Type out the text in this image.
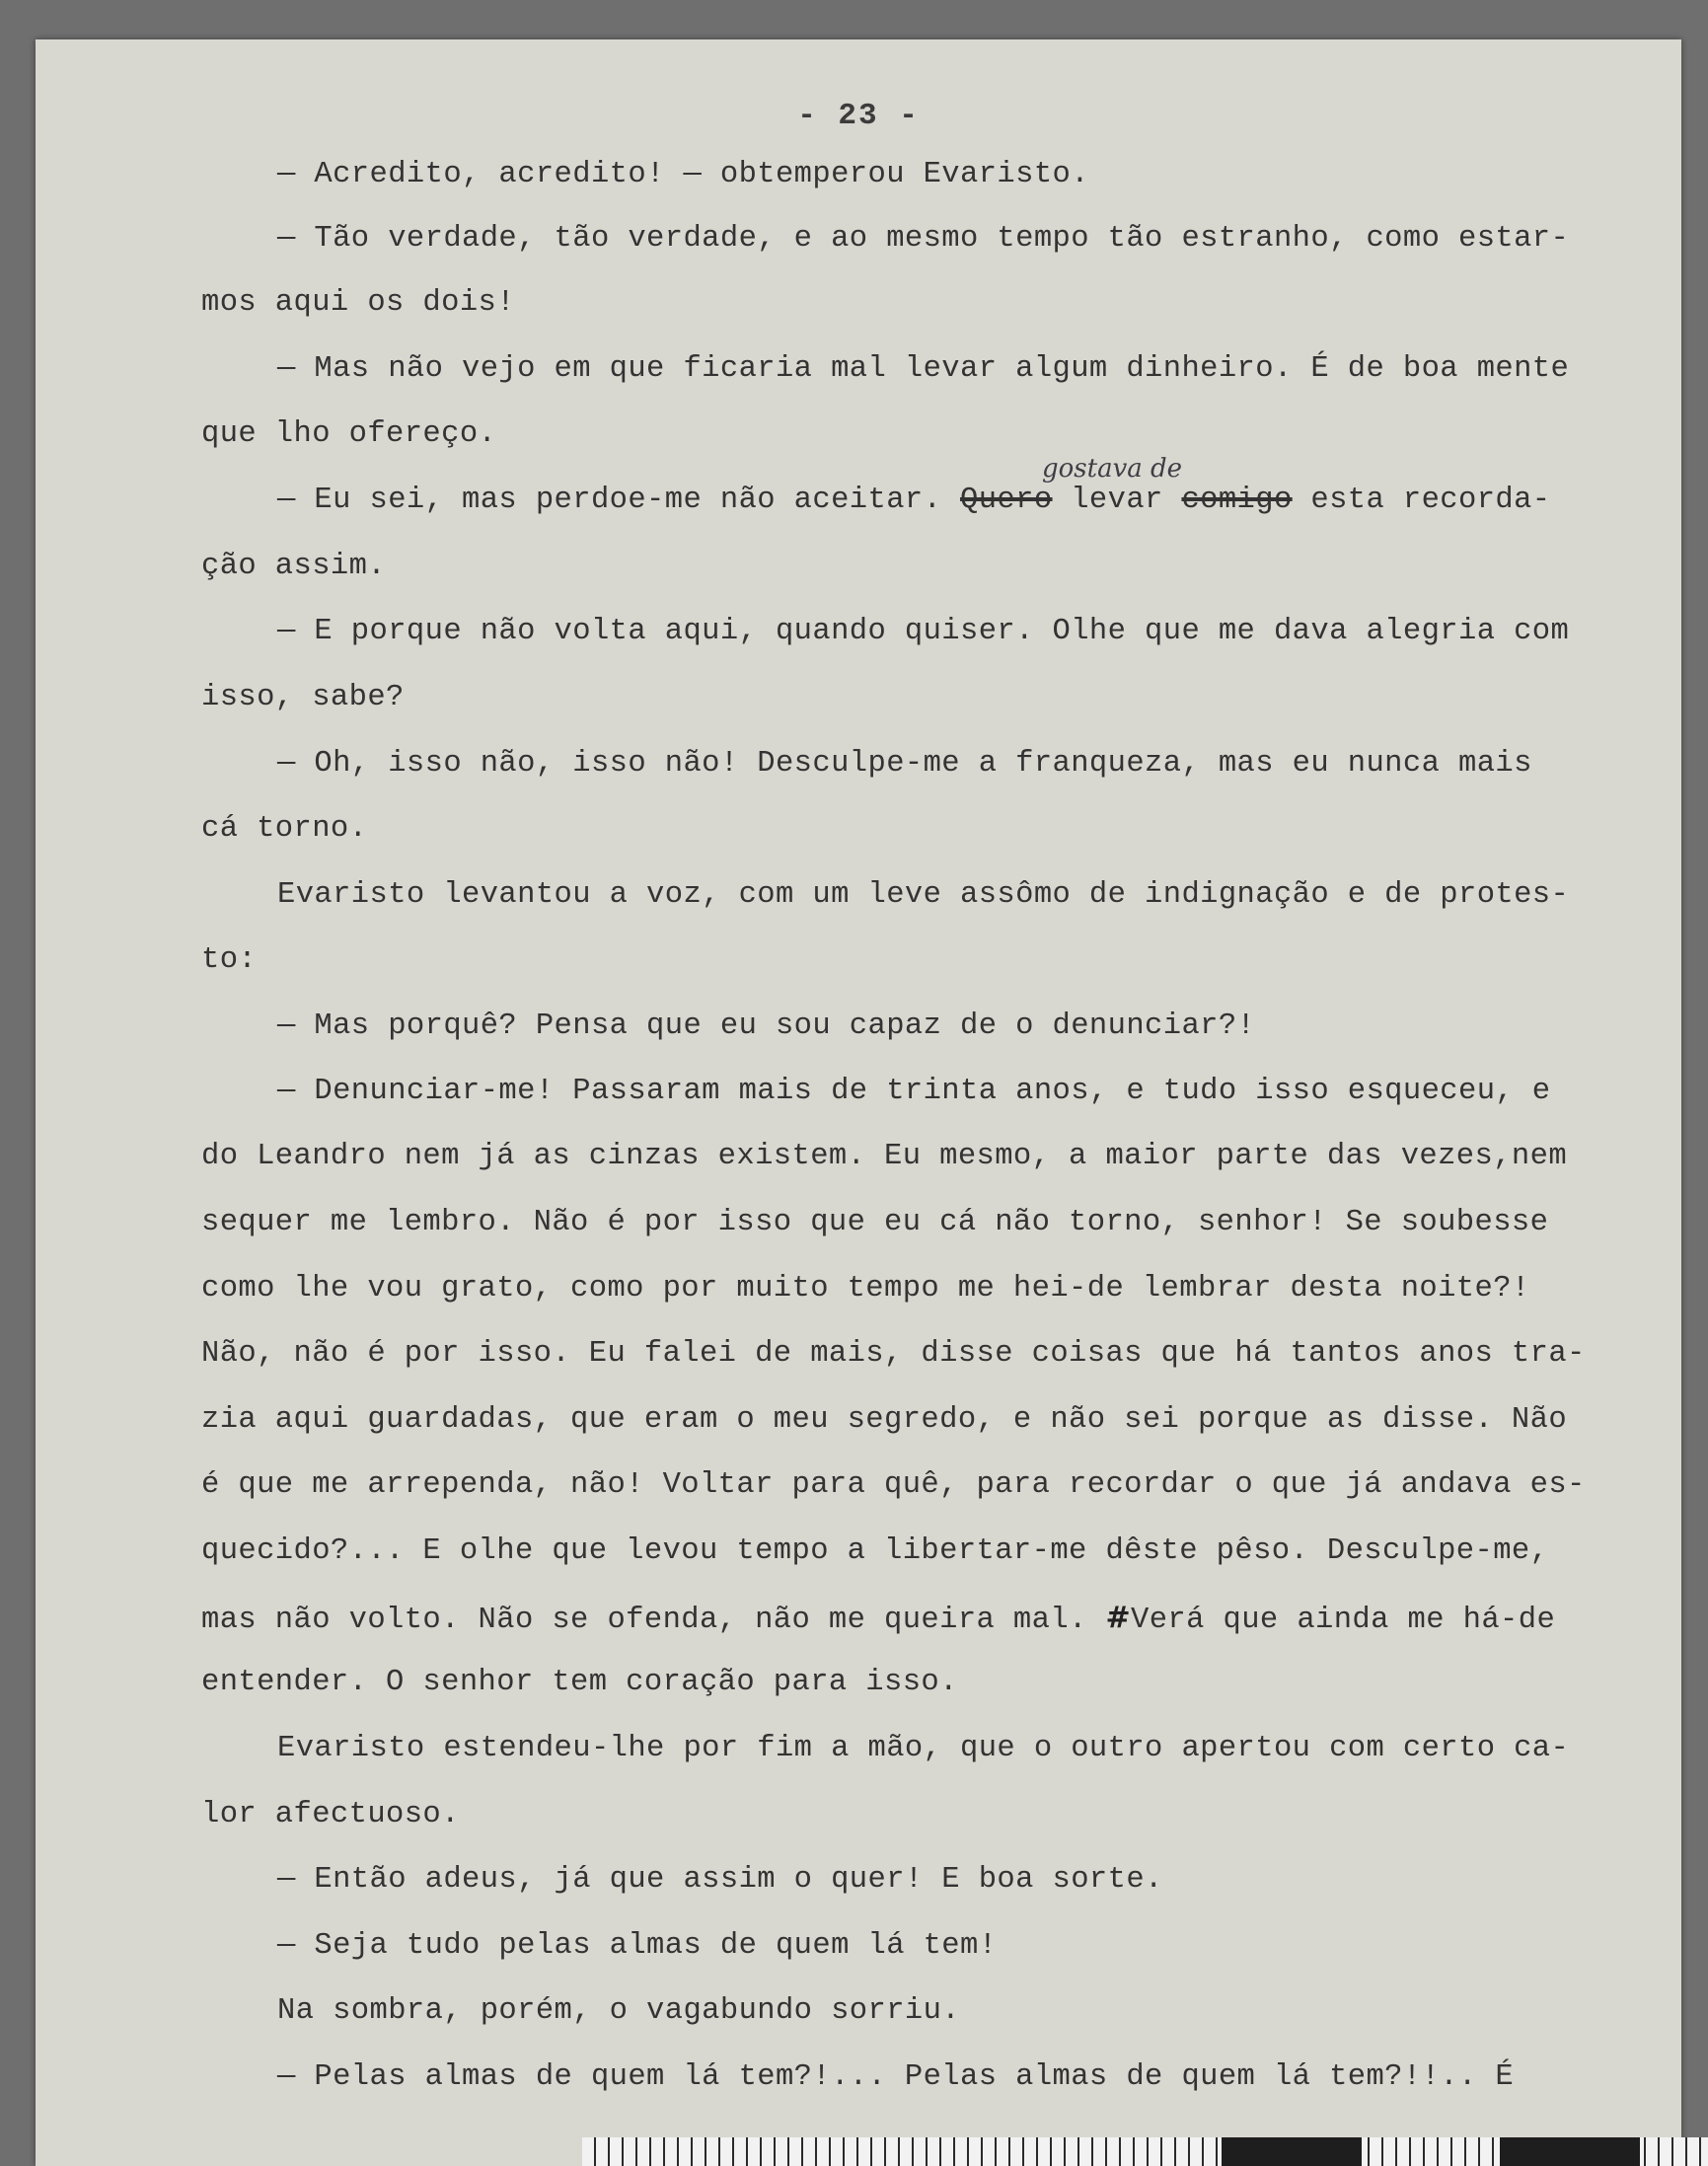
- 23 -
— Acredito, acredito! — obtemperou Evaristo.
— Tão verdade, tão verdade, e ao mesmo tempo tão estranho, como estar-
mos aqui os dois!
— Mas não vejo em que ficaria mal levar algum dinheiro. É de boa mente
que lho ofereço.
— Eu sei, mas perdoe-me não aceitar. Quero levar comigo esta recorda-
gostava de
ção assim.
— E porque não volta aqui, quando quiser. Olhe que me dava alegria com
isso, sabe?
— Oh, isso não, isso não! Desculpe-me a franqueza, mas eu nunca mais
cá torno.
Evaristo levantou a voz, com um leve assômo de indignação e de protes-
to:
— Mas porquê? Pensa que eu sou capaz de o denunciar?!
— Denunciar-me! Passaram mais de trinta anos, e tudo isso esqueceu, e
do Leandro nem já as cinzas existem. Eu mesmo, a maior parte das vezes,nem
sequer me lembro. Não é por isso que eu cá não torno, senhor! Se soubesse
como lhe vou grato, como por muito tempo me hei-de lembrar desta noite?!
Não, não é por isso. Eu falei de mais, disse coisas que há tantos anos tra-
zia aqui guardadas, que eram o meu segredo, e não sei porque as disse. Não
é que me arrependa, não! Voltar para quê, para recordar o que já andava es-
quecido?... E olhe que levou tempo a libertar-me dêste pêso. Desculpe-me,
mas não volto. Não se ofenda, não me queira mal. #Verá que ainda me há-de
entender. O senhor tem coração para isso.
Evaristo estendeu-lhe por fim a mão, que o outro apertou com certo ca-
lor afectuoso.
— Então adeus, já que assim o quer! E boa sorte.
— Seja tudo pelas almas de quem lá tem!
Na sombra, porém, o vagabundo sorriu.
— Pelas almas de quem lá tem?!... Pelas almas de quem lá tem?!!.. É
